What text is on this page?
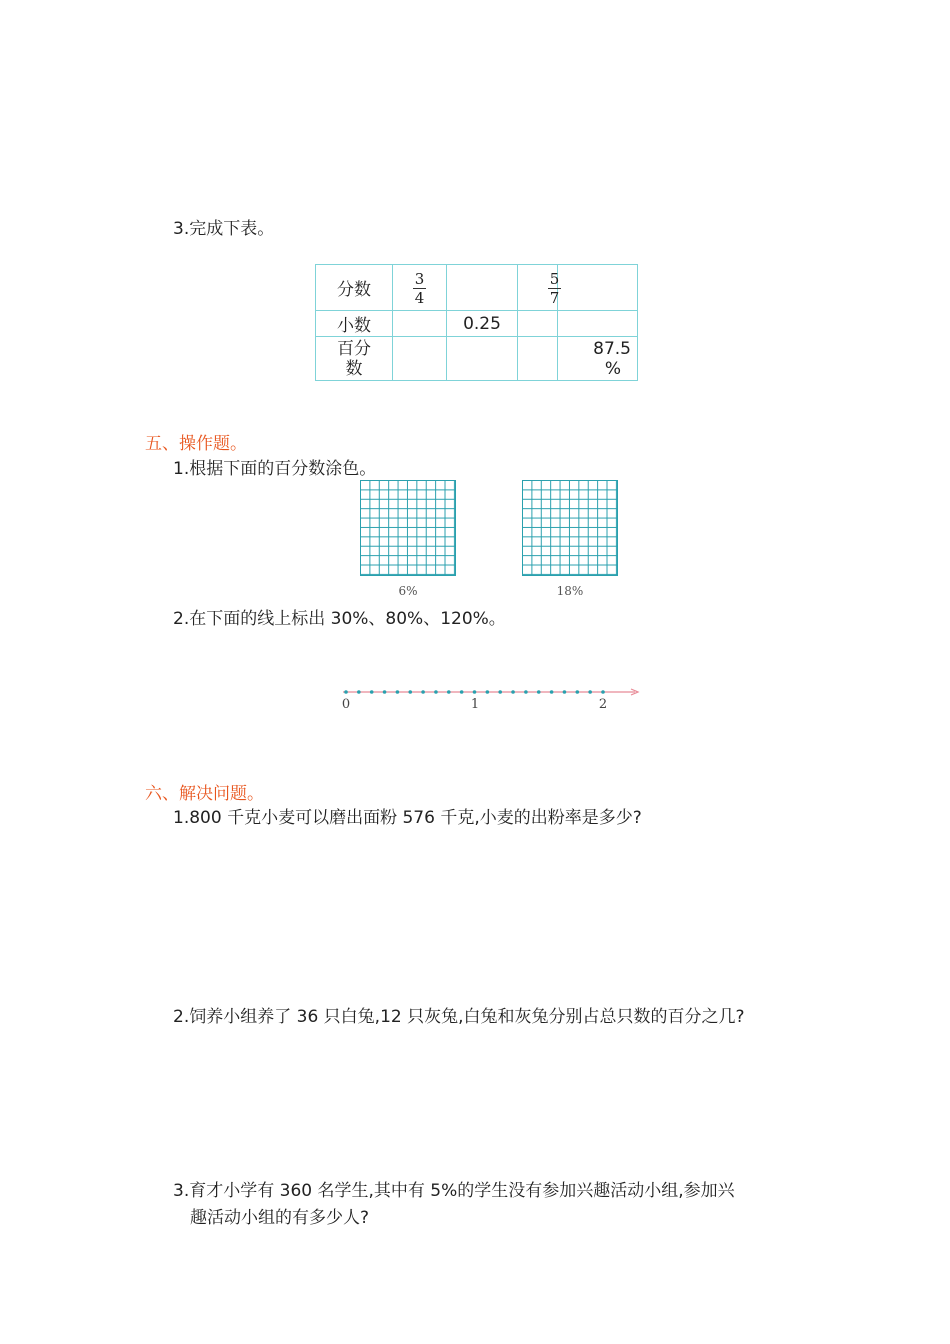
3.完成下表。
分数	$\frac{3}{4}$		$\frac{5}{7}$

小数		0.25		
百分
数				87.5
%
五、操作题。
1.根据下面的百分数涂色。
6%	18%
2.在下面的线上标出 30%、80%、120%。
0	1	2
六、解决问题。
1.800 千克小麦可以磨出面粉 576 千克,小麦的出粉率是多少?
2.饲养小组养了 36 只白兔,12 只灰兔,白兔和灰兔分别占总只数的百分之几?
3.育才小学有 360 名学生,其中有 5%的学生没有参加兴趣活动小组,参加兴
趣活动小组的有多少人?
